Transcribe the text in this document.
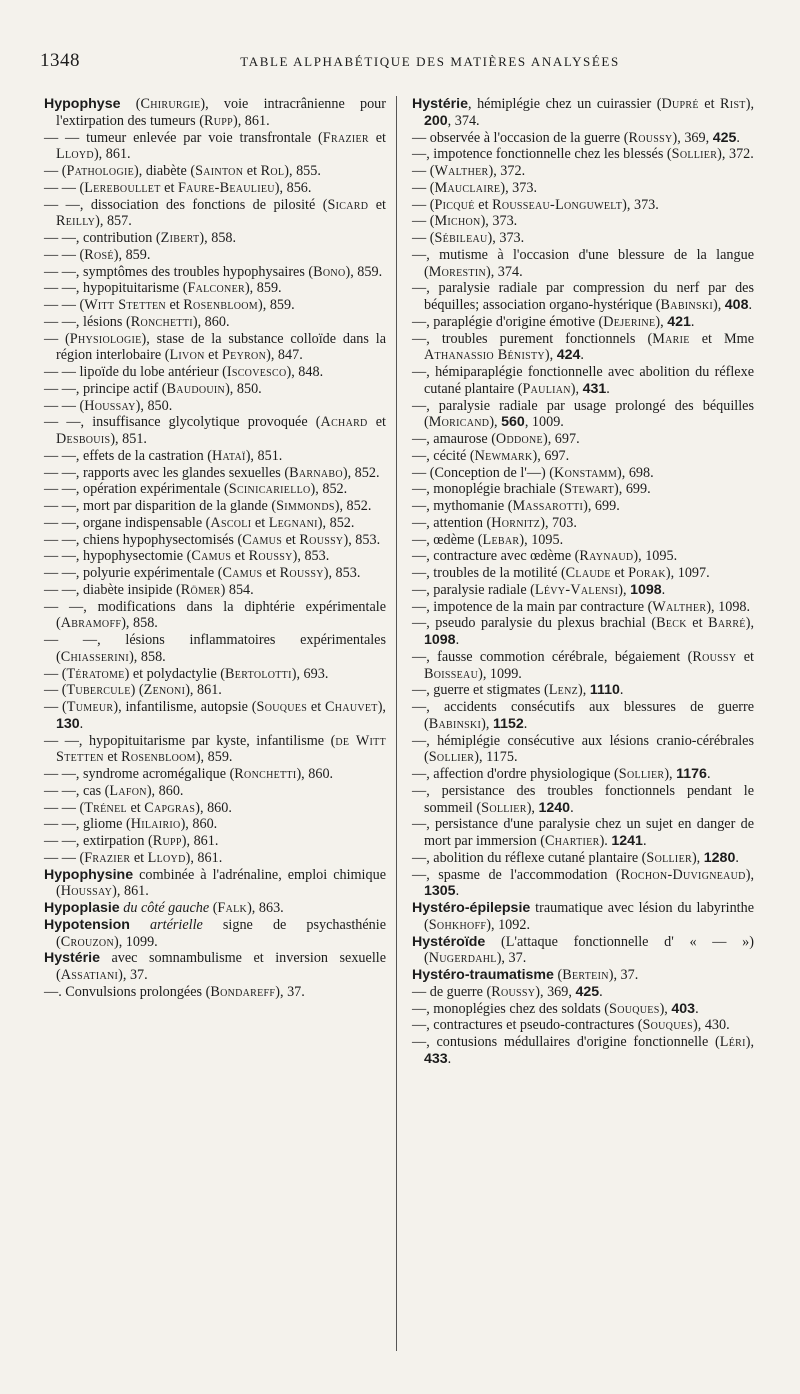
1348	TABLE ALPHABÉTIQUE DES MATIÈRES ANALYSÉES

Hypophyse (Chirurgie), voie intracrânienne pour l'extirpation des tumeurs (Rupp), 861.

— — tumeur enlevée par voie transfrontale (Frazier et Lloyd), 861.

— (Pathologie), diabète (Sainton et Rol), 855.

— — (Lereboullet et Faure-Beaulieu), 856.

— —, dissociation des fonctions de pilosité (Sicard et Reilly), 857.

— —, contribution (Zibert), 858.

— — (Rosé), 859.

— —, symptômes des troubles hypophysaires (Bono), 859.

— —, hypopituitarisme (Falconer), 859.

— — (Witt Stetten et Rosenbloom), 859.

— —, lésions (Ronchetti), 860.

— (Physiologie), stase de la substance colloïde dans la région interlobaire (Livon et Peyron), 847.

— — lipoïde du lobe antérieur (Iscovesco), 848.

— —, principe actif (Baudouin), 850.

— — (Houssay), 850.

— —, insuffisance glycolytique provoquée (Achard et Desbouis), 851.

— —, effets de la castration (Hataï), 851.

— —, rapports avec les glandes sexuelles (Barnabo), 852.

— —, opération expérimentale (Scinicariello), 852.

— —, mort par disparition de la glande (Simmonds), 852.

— —, organe indispensable (Ascoli et Legnani), 852.

— —, chiens hypophysectomisés (Camus et Roussy), 853.

— —, hypophysectomie (Camus et Roussy), 853.

— —, polyurie expérimentale (Camus et Roussy), 853.

— —, diabète insipide (Römer) 854.

— —, modifications dans la diphtérie expérimentale (Abramoff), 858.

— —, lésions inflammatoires expérimentales (Chiasserini), 858.

— (Tératome) et polydactylie (Bertolotti), 693.

— (Tubercule) (Zenoni), 861.

— (Tumeur), infantilisme, autopsie (Souques et Chauvet), 130.

— —, hypopituitarisme par kyste, infantilisme (de Witt Stetten et Rosenbloom), 859.

— —, syndrome acromégalique (Ronchetti), 860.

— —, cas (Lafon), 860.

— — (Trénel et Capgras), 860.

— —, gliome (Hilairio), 860.

— —, extirpation (Rupp), 861.

— — (Frazier et Lloyd), 861.

Hypophysine combinée à l'adrénaline, emploi chimique (Houssay), 861.

Hypoplasie du côté gauche (Falk), 863.

Hypotension artérielle signe de psychasthénie (Crouzon), 1099.

Hystérie avec somnambulisme et inversion sexuelle (Assatiani), 37.

—. Convulsions prolongées (Bondareff), 37.

Hystérie, hémiplégie chez un cuirassier (Dupré et Rist), 200, 374.

— observée à l'occasion de la guerre (Roussy), 369, 425.

—, impotence fonctionnelle chez les blessés (Sollier), 372.

— (Walther), 372.

— (Mauclaire), 373.

— (Picqué et Rousseau-Longuwelt), 373.

— (Michon), 373.

— (Sébileau), 373.

—, mutisme à l'occasion d'une blessure de la langue (Morestin), 374.

—, paralysie radiale par compression du nerf par des béquilles; association organo-hystérique (Babinski), 408.

—, paraplégie d'origine émotive (Dejerine), 421.

—, troubles purement fonctionnels (Marie et Mme Athanassio Bénisty), 424.

—, hémiparaplégie fonctionnelle avec abolition du réflexe cutané plantaire (Paulian), 431.

—, paralysie radiale par usage prolongé des béquilles (Moricand), 560, 1009.

—, amaurose (Oddone), 697.

—, cécité (Newmark), 697.

— (Conception de l'—) (Konstamm), 698.

—, monoplégie brachiale (Stewart), 699.

—, mythomanie (Massarotti), 699.

—, attention (Hornitz), 703.

—, œdème (Lebar), 1095.

—, contracture avec œdème (Raynaud), 1095.

—, troubles de la motilité (Claude et Porak), 1097.

—, paralysie radiale (Lévy-Valensi), 1098.

—, impotence de la main par contracture (Walther), 1098.

—, pseudo paralysie du plexus brachial (Beck et Barré), 1098.

—, fausse commotion cérébrale, bégaiement (Roussy et Boisseau), 1099.

—, guerre et stigmates (Lenz), 1110.

—, accidents consécutifs aux blessures de guerre (Babinski), 1152.

—, hémiplégie consécutive aux lésions cranio-cérébrales (Sollier), 1175.

—, affection d'ordre physiologique (Sollier), 1176.

—, persistance des troubles fonctionnels pendant le sommeil (Sollier), 1240.

—, persistance d'une paralysie chez un sujet en danger de mort par immersion (Chartier). 1241.

—, abolition du réflexe cutané plantaire (Sollier), 1280.

—, spasme de l'accommodation (Rochon-Duvigneaud), 1305.

Hystéro-épilepsie traumatique avec lésion du labyrinthe (Sohkhoff), 1092.

Hystéroïde (L'attaque fonctionnelle d' « — ») (Nugerdahl), 37.

Hystéro-traumatisme (Bertein), 37.

— de guerre (Roussy), 369, 425.

—, monoplégies chez des soldats (Souques), 403.

—, contractures et pseudo-contractures (Souques), 430.

—, contusions médullaires d'origine fonctionnelle (Léri), 433.
